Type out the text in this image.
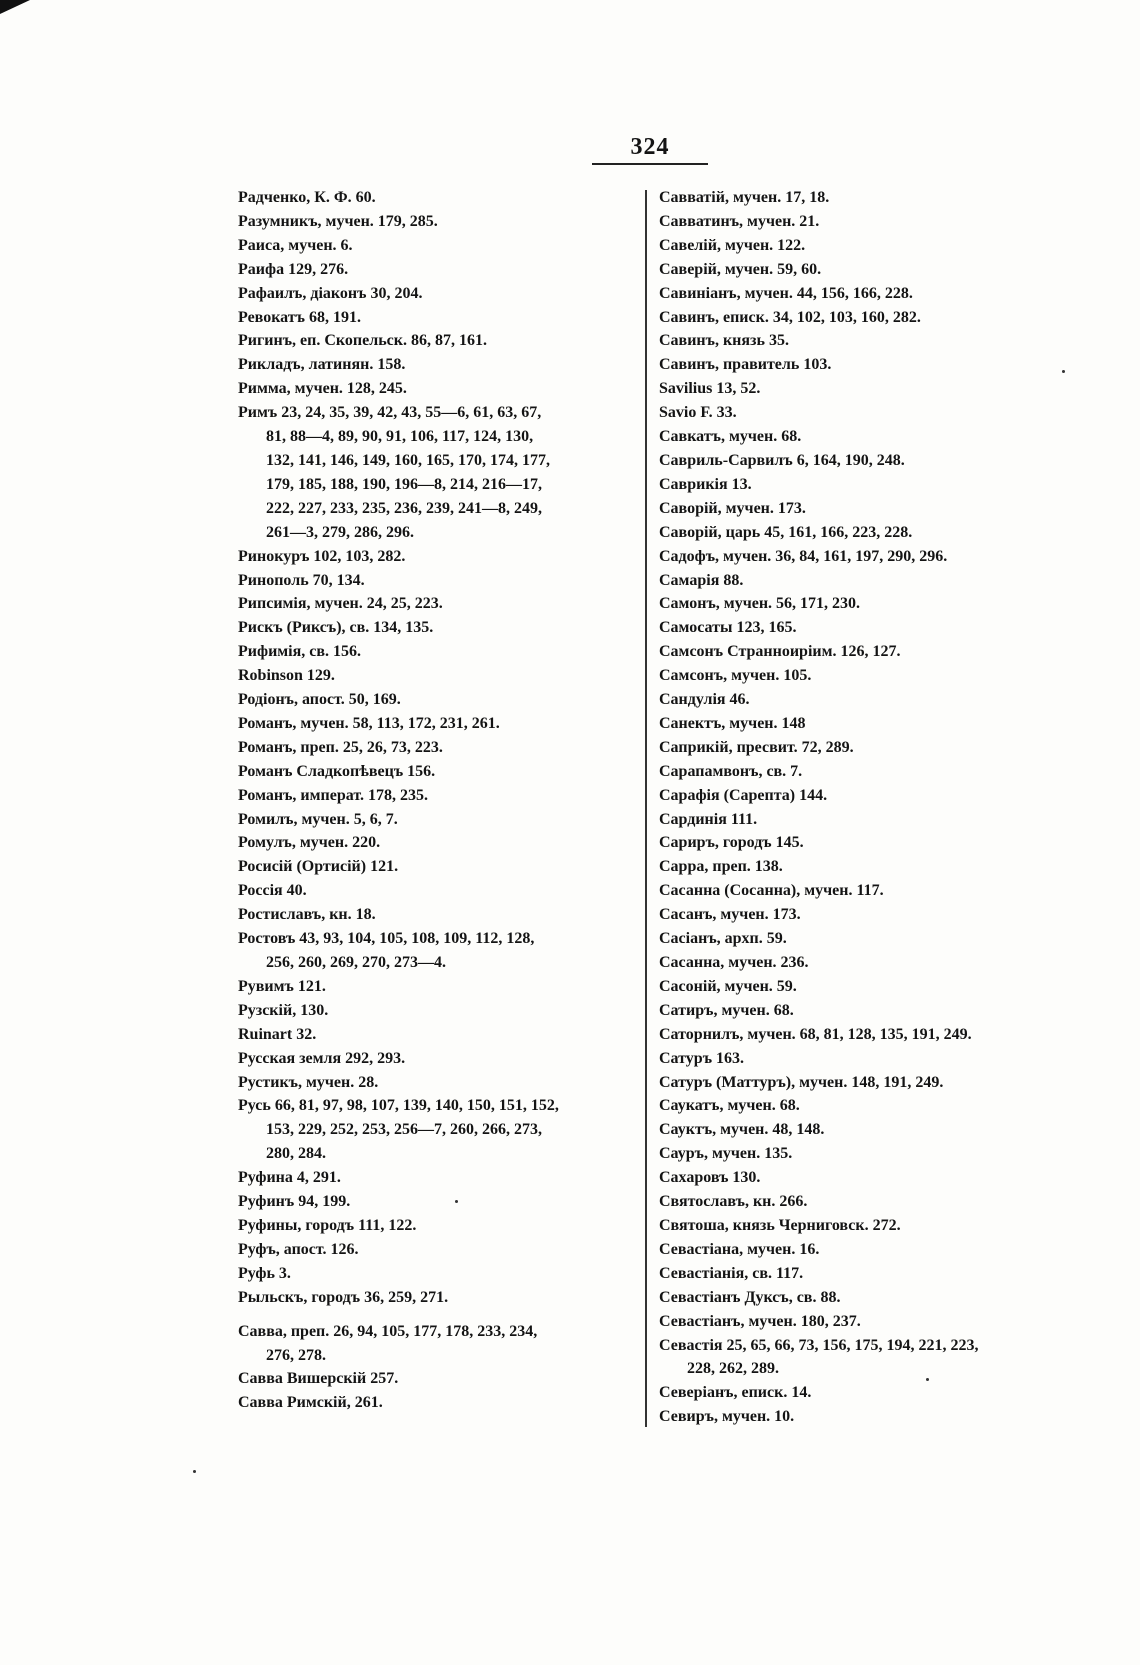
324
Радченко, К. Ф. 60.
Разумникъ, мучен. 179, 285.
Раиса, мучен. 6.
Раифа 129, 276.
Рафаилъ, діаконъ 30, 204.
Ревокатъ 68, 191.
Ригинъ, еп. Скопельск. 86, 87, 161.
Рикладъ, латинян. 158.
Римма, мучен. 128, 245.
Римъ 23, 24, 35, 39, 42, 43, 55—6, 61, 63, 67,
81, 88—4, 89, 90, 91, 106, 117, 124, 130,
132, 141, 146, 149, 160, 165, 170, 174, 177,
179, 185, 188, 190, 196—8, 214, 216—17,
222, 227, 233, 235, 236, 239, 241—8, 249,
261—3, 279, 286, 296.
Ринокуръ 102, 103, 282.
Ринополь 70, 134.
Рипсимія, мучен. 24, 25, 223.
Рискъ (Риксъ), св. 134, 135.
Рифимія, св. 156.
Robinson 129.
Родіонъ, апост. 50, 169.
Романъ, мучен. 58, 113, 172, 231, 261.
Романъ, преп. 25, 26, 73, 223.
Романъ Сладкопѣвецъ 156.
Романъ, императ. 178, 235.
Ромилъ, мучен. 5, 6, 7.
Ромулъ, мучен. 220.
Росисій (Ортисій) 121.
Россія 40.
Ростиславъ, кн. 18.
Ростовъ 43, 93, 104, 105, 108, 109, 112, 128,
256, 260, 269, 270, 273—4.
Рувимъ 121.
Рузскій, 130.
Ruinart 32.
Русская земля 292, 293.
Рустикъ, мучен. 28.
Русь 66, 81, 97, 98, 107, 139, 140, 150, 151, 152,
153, 229, 252, 253, 256—7, 260, 266, 273,
280, 284.
Руфина 4, 291.
Руфинъ 94, 199.
Руфины, городъ 111, 122.
Руфъ, апост. 126.
Руфь 3.
Рыльскъ, городъ 36, 259, 271.
Савва, преп. 26, 94, 105, 177, 178, 233, 234,
276, 278.
Савва Вишерскій 257.
Савва Римскій, 261.
Савватій, мучен. 17, 18.
Савватинъ, мучен. 21.
Савелій, мучен. 122.
Саверій, мучен. 59, 60.
Савиніанъ, мучен. 44, 156, 166, 228.
Савинъ, епиcк. 34, 102, 103, 160, 282.
Савинъ, князь 35.
Савинъ, правитель 103.
Savilius 13, 52.
Savio F. 33.
Савкатъ, мучен. 68.
Савриль-Сарвилъ 6, 164, 190, 248.
Саврикія 13.
Саворій, мучен. 173.
Саворій, царь 45, 161, 166, 223, 228.
Садофъ, мучен. 36, 84, 161, 197, 290, 296.
Самарія 88.
Самонъ, мучен. 56, 171, 230.
Самосаты 123, 165.
Самсонъ Странноиріим. 126, 127.
Самсонъ, мучен. 105.
Сандулія 46.
Санектъ, мучен. 148
Саприкій, пресвит. 72, 289.
Сарапамвонъ, св. 7.
Сарафія (Сарепта) 144.
Сардинія 111.
Сариръ, городъ 145.
Сарра, преп. 138.
Сасанна (Сосанна), мучен. 117.
Сасанъ, мучен. 173.
Сасіанъ, архп. 59.
Сасанна, мучен. 236.
Сасоній, мучен. 59.
Сатиръ, мучен. 68.
Саторнилъ, мучен. 68, 81, 128, 135, 191, 249.
Сатуръ 163.
Сатуръ (Маттуръ), мучен. 148, 191, 249.
Саукатъ, мучен. 68.
Сауктъ, мучен. 48, 148.
Сауръ, мучен. 135.
Сахаровъ 130.
Святославъ, кн. 266.
Святоша, князь Черниговск. 272.
Севастіана, мучен. 16.
Севастіанія, св. 117.
Севастіанъ Дуксъ, св. 88.
Севастіанъ, мучен. 180, 237.
Севастія 25, 65, 66, 73, 156, 175, 194, 221, 223,
228, 262, 289.
Северіанъ, епиcк. 14.
Севиръ, мучен. 10.
